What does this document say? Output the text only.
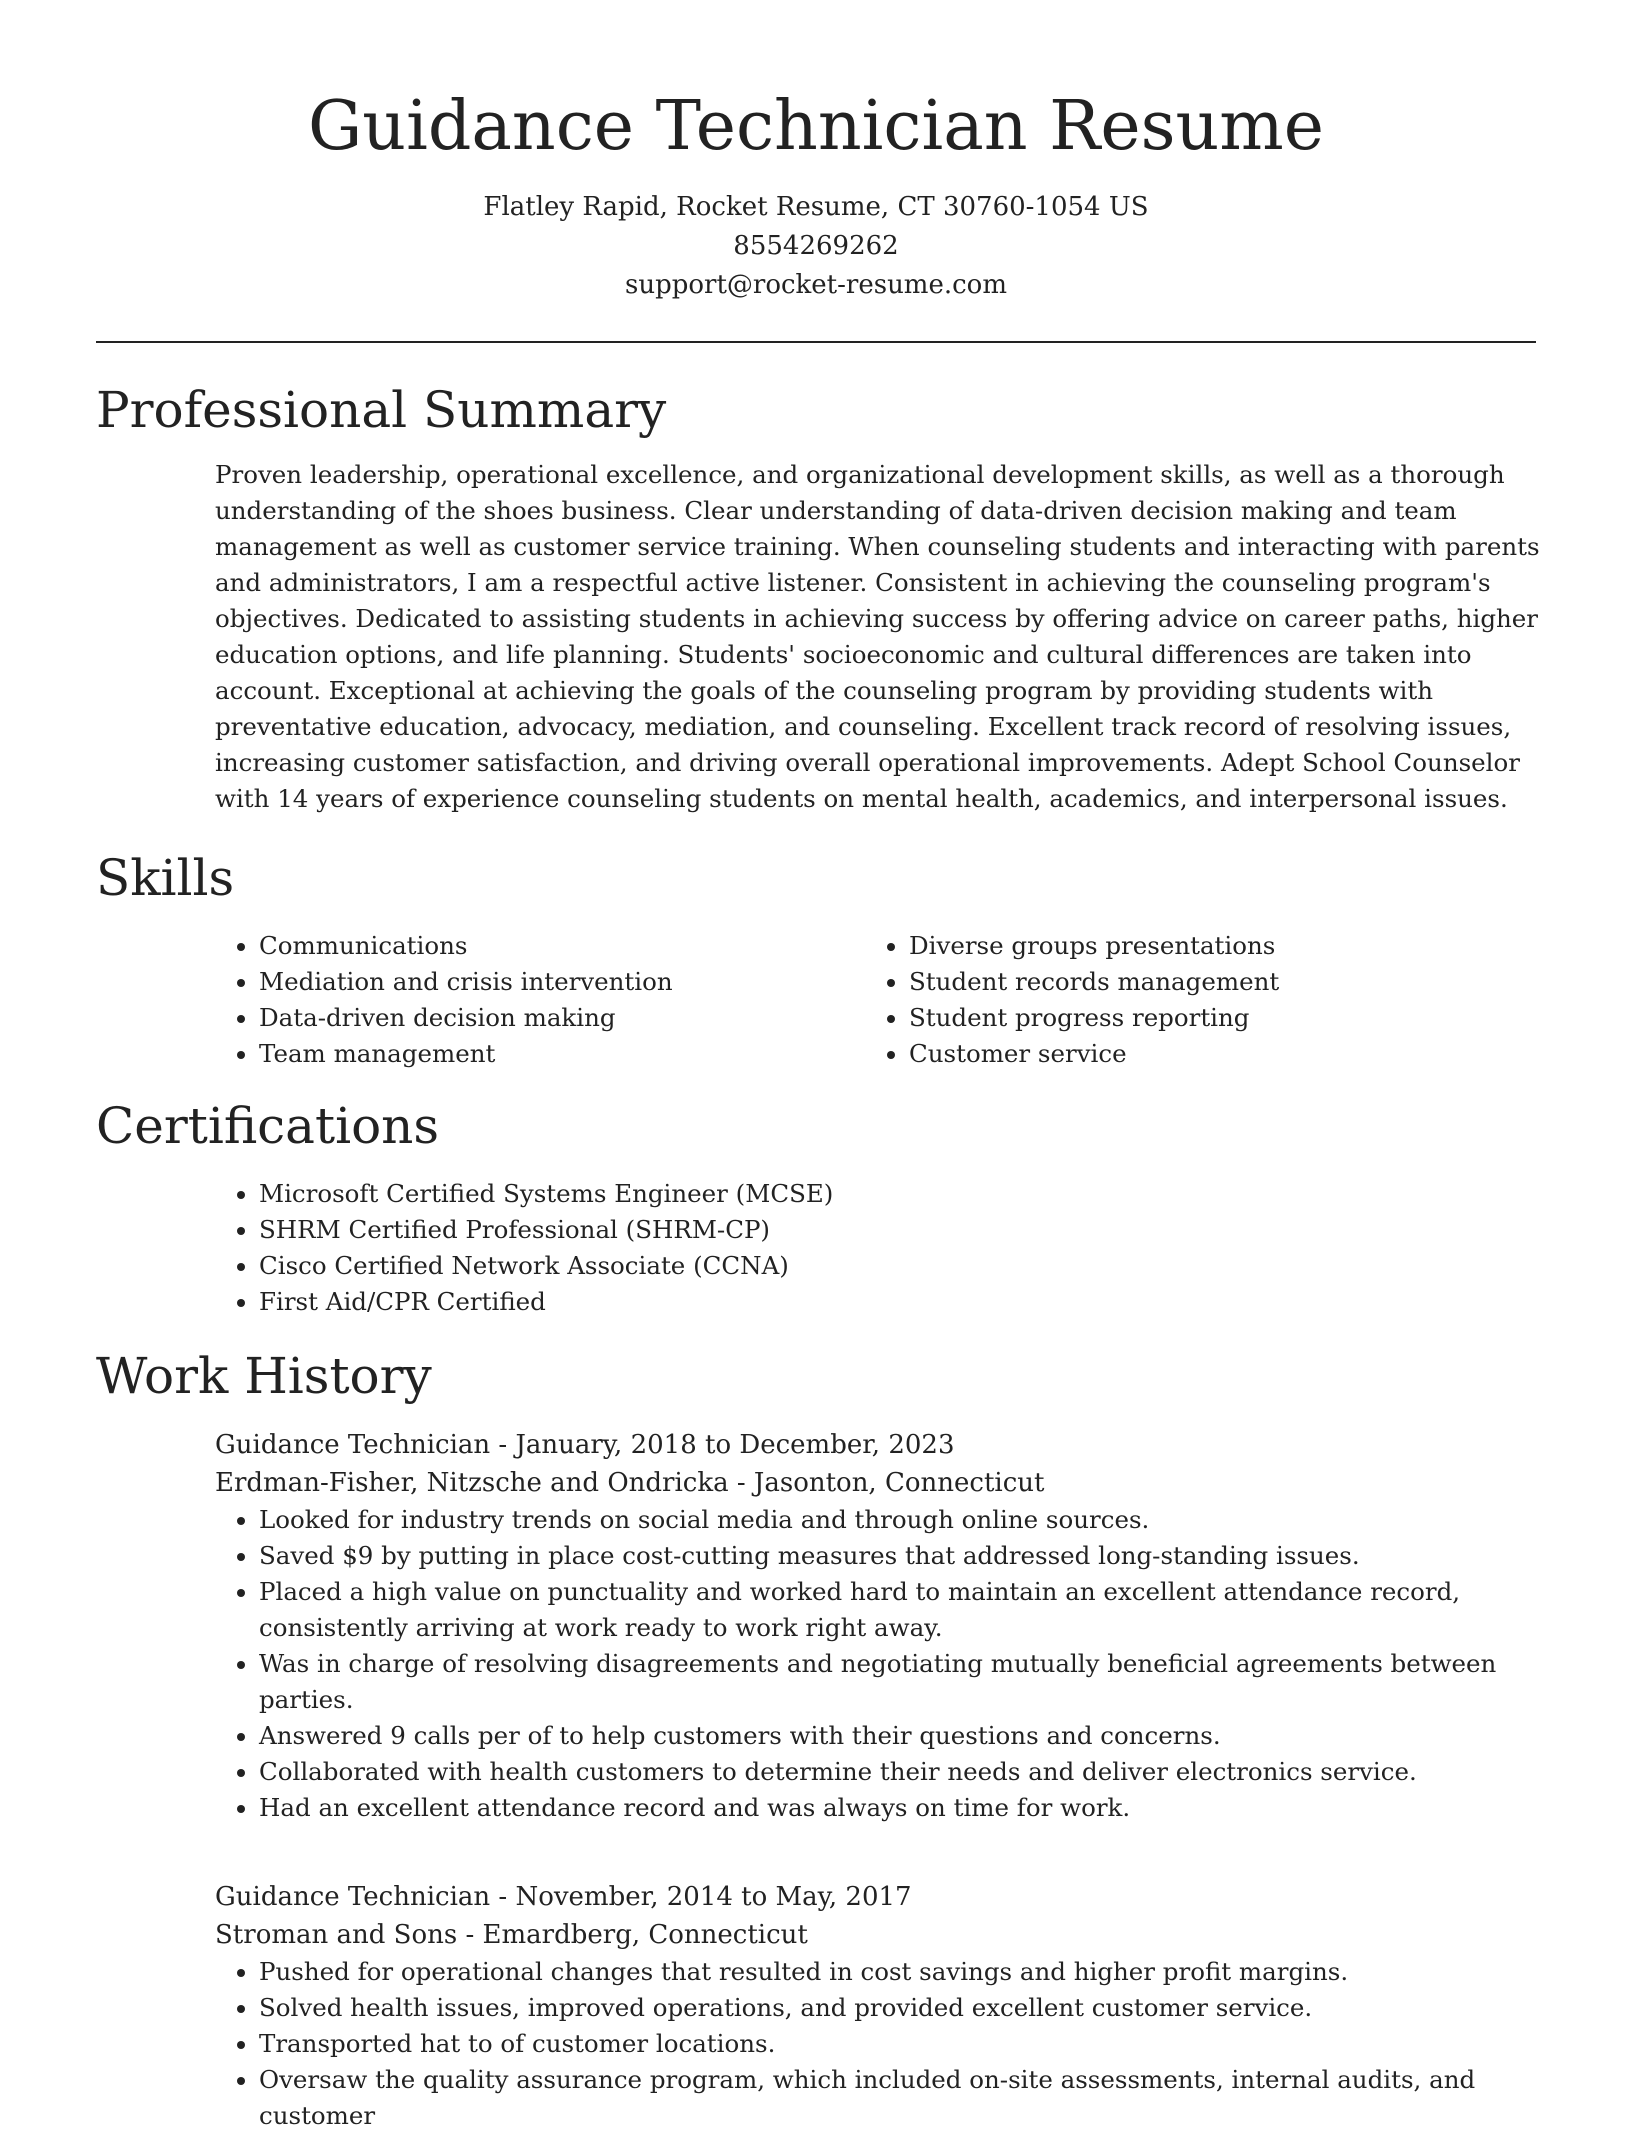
Guidance Technician Resume
Flatley Rapid, Rocket Resume, CT 30760-1054 US
8554269262
support@rocket-resume.com
Professional Summary

Proven leadership, operational excellence, and organizational development skills, as well as a thorough understanding of the shoes business. Clear understanding of data-driven decision making and team management as well as customer service training. When counseling students and interacting with parents and administrators, I am a respectful active listener. Consistent in achieving the counseling program's objectives. Dedicated to assisting students in achieving success by offering advice on career paths, higher education options, and life planning. Students' socioeconomic and cultural differences are taken into account. Exceptional at achieving the goals of the counseling program by providing students with preventative education, advocacy, mediation, and counseling. Excellent track record of resolving issues, increasing customer satisfaction, and driving overall operational improvements. Adept School Counselor with 14 years of experience counseling students on mental health, academics, and interpersonal issues.

Skills
• Communications
• Mediation and crisis intervention
• Data-driven decision making
• Team management
• Diverse groups presentations
• Student records management
• Student progress reporting
• Customer service
Certifications
• Microsoft Certified Systems Engineer (MCSE)
• SHRM Certified Professional (SHRM-CP)
• Cisco Certified Network Associate (CCNA)
• First Aid/CPR Certified
Work History
Guidance Technician - January, 2018 to December, 2023
Erdman-Fisher, Nitzsche and Ondricka - Jasonton, Connecticut
• Looked for industry trends on social media and through online sources.
• Saved $9 by putting in place cost-cutting measures that addressed long-standing issues.
• Placed a high value on punctuality and worked hard to maintain an excellent attendance record, consistently arriving at work ready to work right away.
• Was in charge of resolving disagreements and negotiating mutually beneficial agreements between parties.
• Answered 9 calls per of to help customers with their questions and concerns.
• Collaborated with health customers to determine their needs and deliver electronics service.
• Had an excellent attendance record and was always on time for work.
Guidance Technician - November, 2014 to May, 2017
Stroman and Sons - Emardberg, Connecticut
• Pushed for operational changes that resulted in cost savings and higher profit margins.
• Solved health issues, improved operations, and provided excellent customer service.
• Transported hat to of customer locations.
• Oversaw the quality assurance program, which included on-site assessments, internal audits, and customer
